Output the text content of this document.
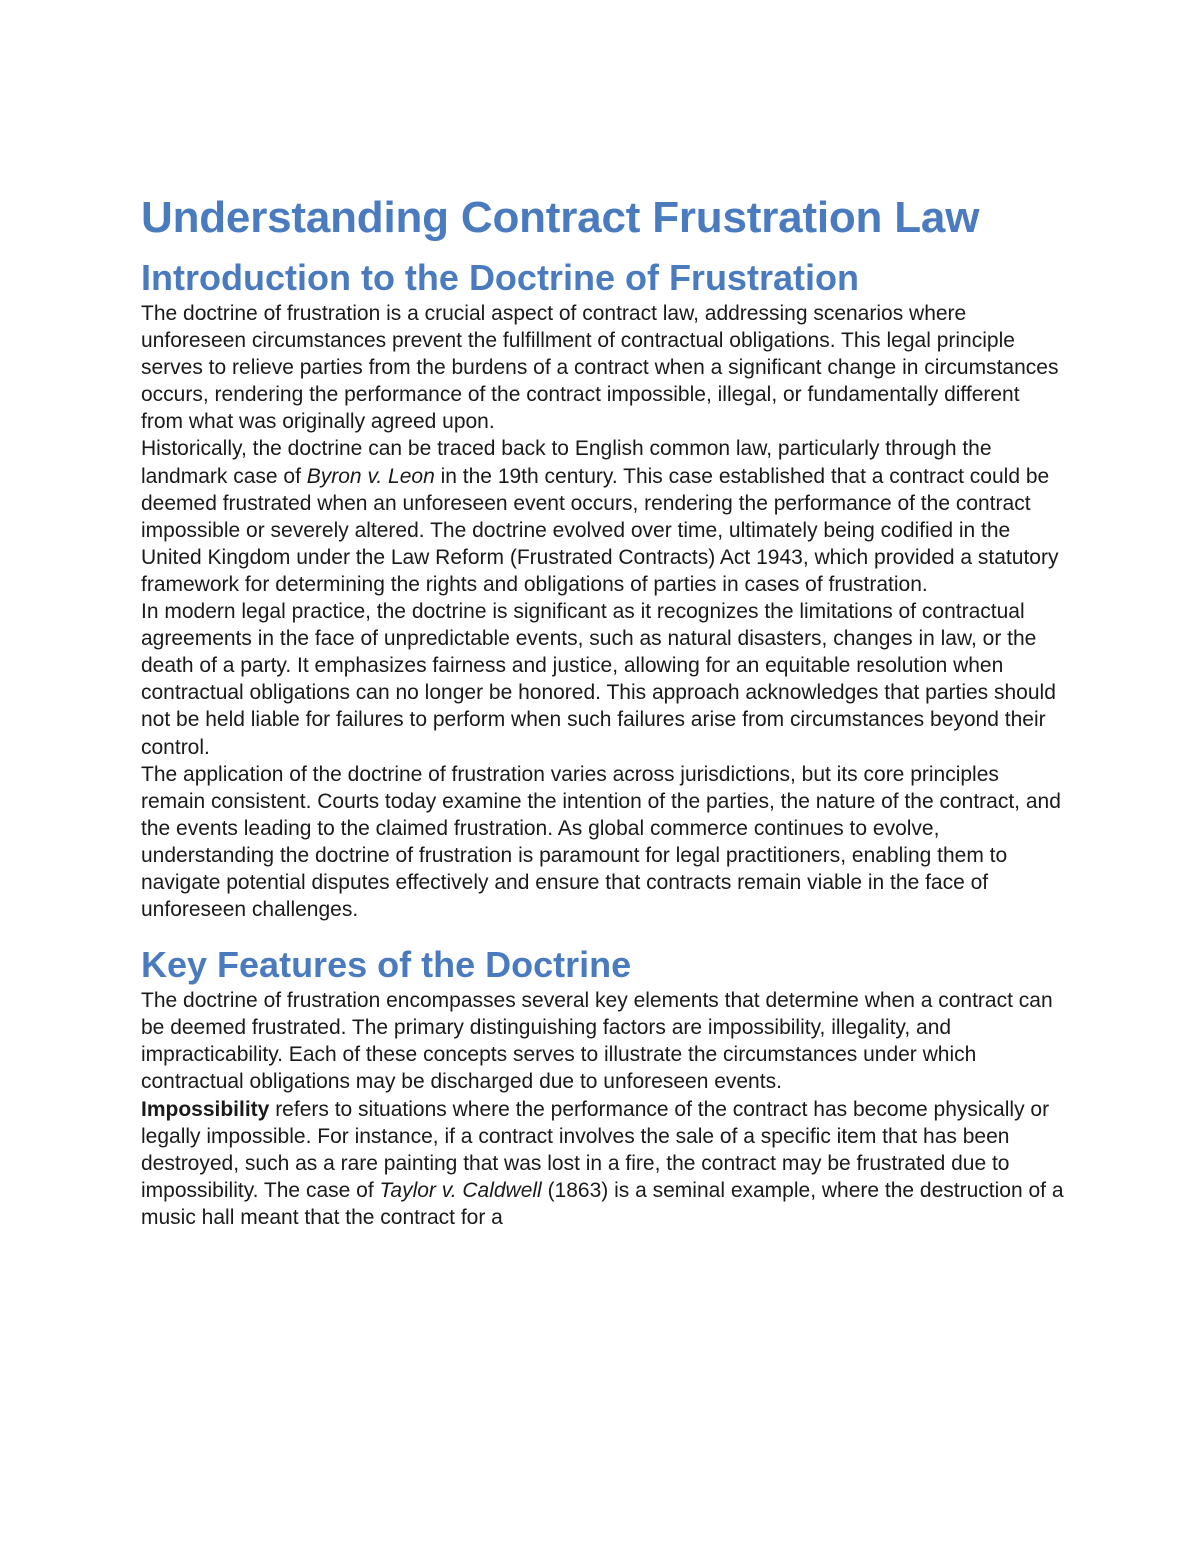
Understanding Contract Frustration Law
Introduction to the Doctrine of Frustration

The doctrine of frustration is a crucial aspect of contract law, addressing scenarios where unforeseen circumstances prevent the fulfillment of contractual obligations. This legal principle serves to relieve parties from the burdens of a contract when a significant change in circumstances occurs, rendering the performance of the contract impossible, illegal, or fundamentally different from what was originally agreed upon.

Historically, the doctrine can be traced back to English common law, particularly through the landmark case of Byron v. Leon in the 19th century. This case established that a contract could be deemed frustrated when an unforeseen event occurs, rendering the performance of the contract impossible or severely altered. The doctrine evolved over time, ultimately being codified in the United Kingdom under the Law Reform (Frustrated Contracts) Act 1943, which provided a statutory framework for determining the rights and obligations of parties in cases of frustration.

In modern legal practice, the doctrine is significant as it recognizes the limitations of contractual agreements in the face of unpredictable events, such as natural disasters, changes in law, or the death of a party. It emphasizes fairness and justice, allowing for an equitable resolution when contractual obligations can no longer be honored. This approach acknowledges that parties should not be held liable for failures to perform when such failures arise from circumstances beyond their control.

The application of the doctrine of frustration varies across jurisdictions, but its core principles remain consistent. Courts today examine the intention of the parties, the nature of the contract, and the events leading to the claimed frustration. As global commerce continues to evolve, understanding the doctrine of frustration is paramount for legal practitioners, enabling them to navigate potential disputes effectively and ensure that contracts remain viable in the face of unforeseen challenges.

Key Features of the Doctrine

The doctrine of frustration encompasses several key elements that determine when a contract can be deemed frustrated. The primary distinguishing factors are impossibility, illegality, and impracticability. Each of these concepts serves to illustrate the circumstances under which contractual obligations may be discharged due to unforeseen events.

Impossibility refers to situations where the performance of the contract has become physically or legally impossible. For instance, if a contract involves the sale of a specific item that has been destroyed, such as a rare painting that was lost in a fire, the contract may be frustrated due to impossibility. The case of Taylor v. Caldwell (1863) is a seminal example, where the destruction of a music hall meant that the contract for a
